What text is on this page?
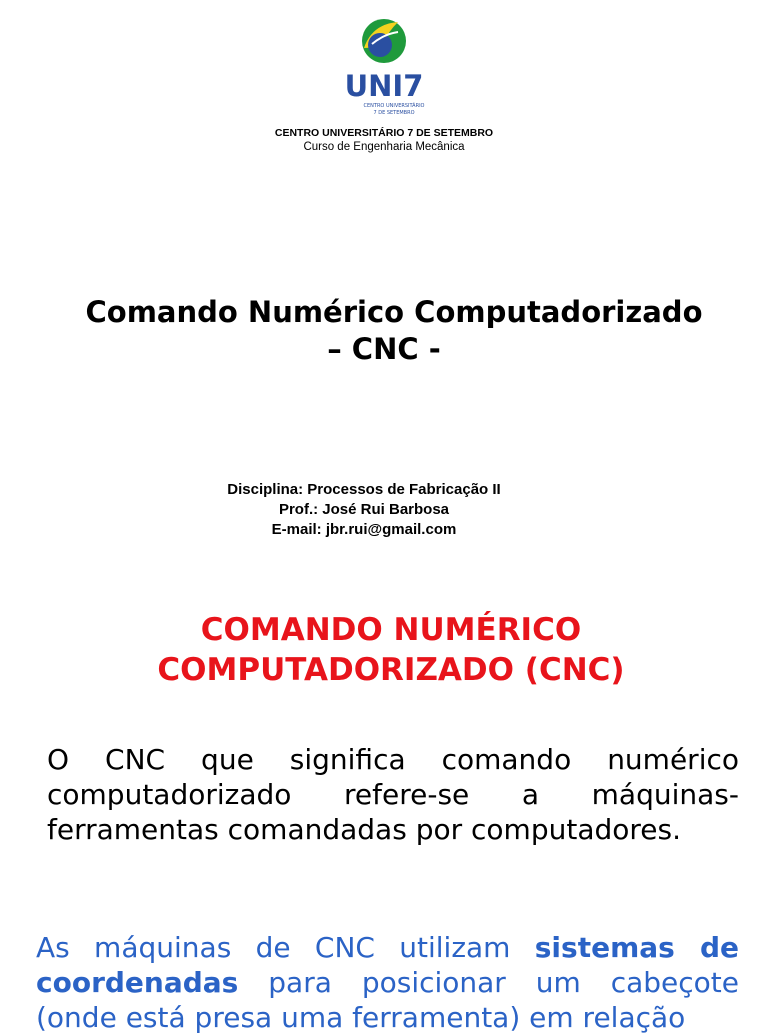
UNI7
CENTRO UNIVERSITÁRIO
7 DE SETEMBRO
CENTRO UNIVERSITÁRIO 7 DE SETEMBRO
Curso de Engenharia Mecânica
Comando Numérico Computadorizado
– CNC -
Disciplina: Processos de Fabricação II
Prof.: José Rui Barbosa
E-mail: jbr.rui@gmail.com
COMANDO NUMÉRICO
COMPUTADORIZADO (CNC)
O CNC que significa comando numérico computadorizado refere-se a máquinas-ferramentas comandadas por computadores.
As máquinas de CNC utilizam sistemas de coordenadas para posicionar um cabeçote (onde está presa uma ferramenta) em relação
